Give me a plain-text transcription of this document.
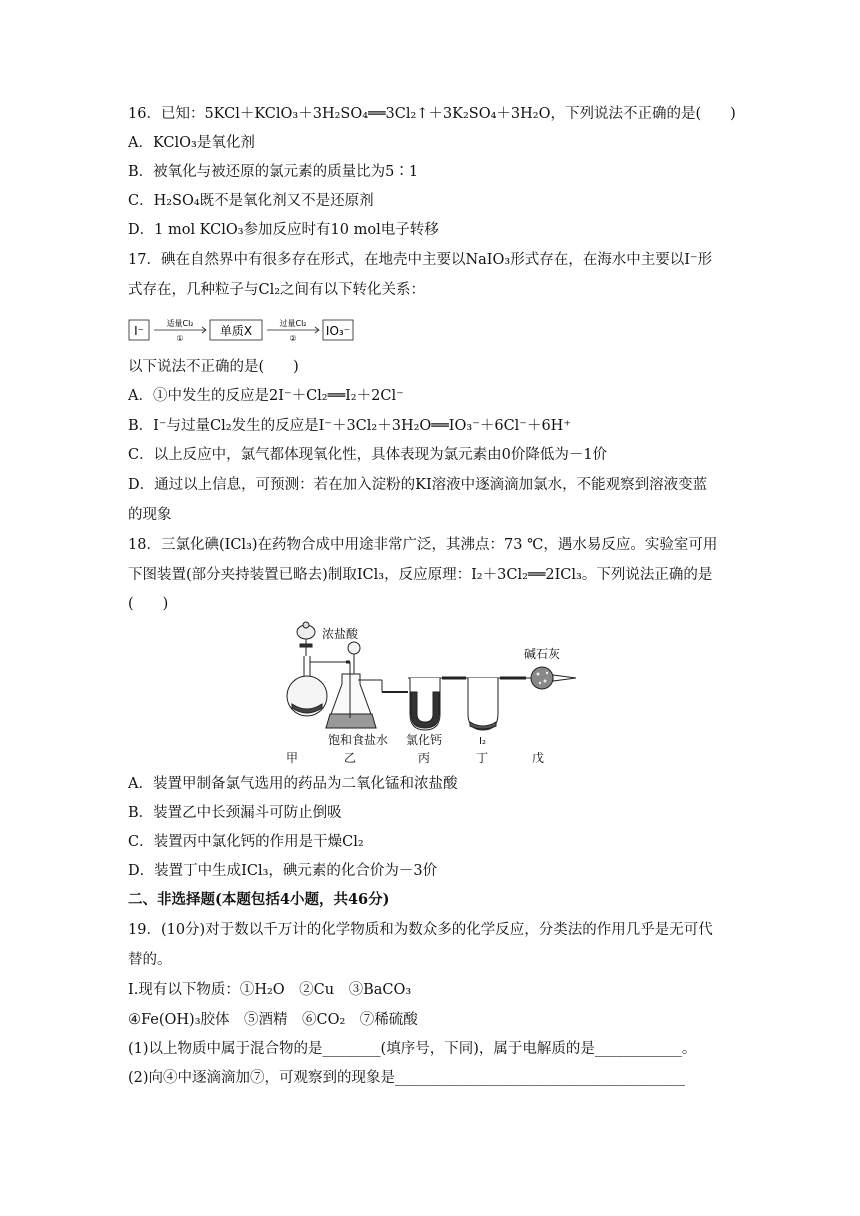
16．已知：5KCl＋KClO₃＋3H₂SO₄══3Cl₂↑＋3K₂SO₄＋3H₂O，下列说法不正确的是(　　)
A．KClO₃是氧化剂
B．被氧化与被还原的氯元素的质量比为5∶1
C．H₂SO₄既不是氧化剂又不是还原剂
D．1 mol KClO₃参加反应时有10 mol电子转移
17．碘在自然界中有很多存在形式，在地壳中主要以NaIO₃形式存在，在海水中主要以I⁻形
式存在，几种粒子与Cl₂之间有以下转化关系：
I⁻
适量Cl₂
①
单质X
过量Cl₂
②
IO₃⁻
以下说法不正确的是(　　)
A．①中发生的反应是2I⁻＋Cl₂══I₂＋2Cl⁻
B．I⁻与过量Cl₂发生的反应是I⁻＋3Cl₂＋3H₂O══IO₃⁻＋6Cl⁻＋6H⁺
C．以上反应中，氯气都体现氧化性，具体表现为氯元素由0价降低为－1价
D．通过以上信息，可预测：若在加入淀粉的KI溶液中逐滴滴加氯水，不能观察到溶液变蓝
的现象
18．三氯化碘(ICl₃)在药物合成中用途非常广泛，其沸点：73 ℃，遇水易反应。实验室可用
下图装置(部分夹持装置已略去)制取ICl₃，反应原理：I₂＋3Cl₂══2ICl₃。下列说法正确的是
(　　)
浓盐酸
碱石灰
饱和食盐水 氯化钙	I₂
甲	乙	丙	丁	戊
A．装置甲制备氯气选用的药品为二氧化锰和浓盐酸
B．装置乙中长颈漏斗可防止倒吸
C．装置丙中氯化钙的作用是干燥Cl₂
D．装置丁中生成ICl₃，碘元素的化合价为－3价
二、非选择题(本题包括4小题，共46分)
19．(10分)对于数以千万计的化学物质和为数众多的化学反应，分类法的作用几乎是无可代
替的。
Ⅰ.现有以下物质：①H₂O　②Cu　③BaCO₃
④Fe(OH)₃胶体　⑤酒精　⑥CO₂　⑦稀硫酸
(1)以上物质中属于混合物的是________(填序号，下同)，属于电解质的是____________。
(2)向④中逐滴滴加⑦，可观察到的现象是________________________________________
